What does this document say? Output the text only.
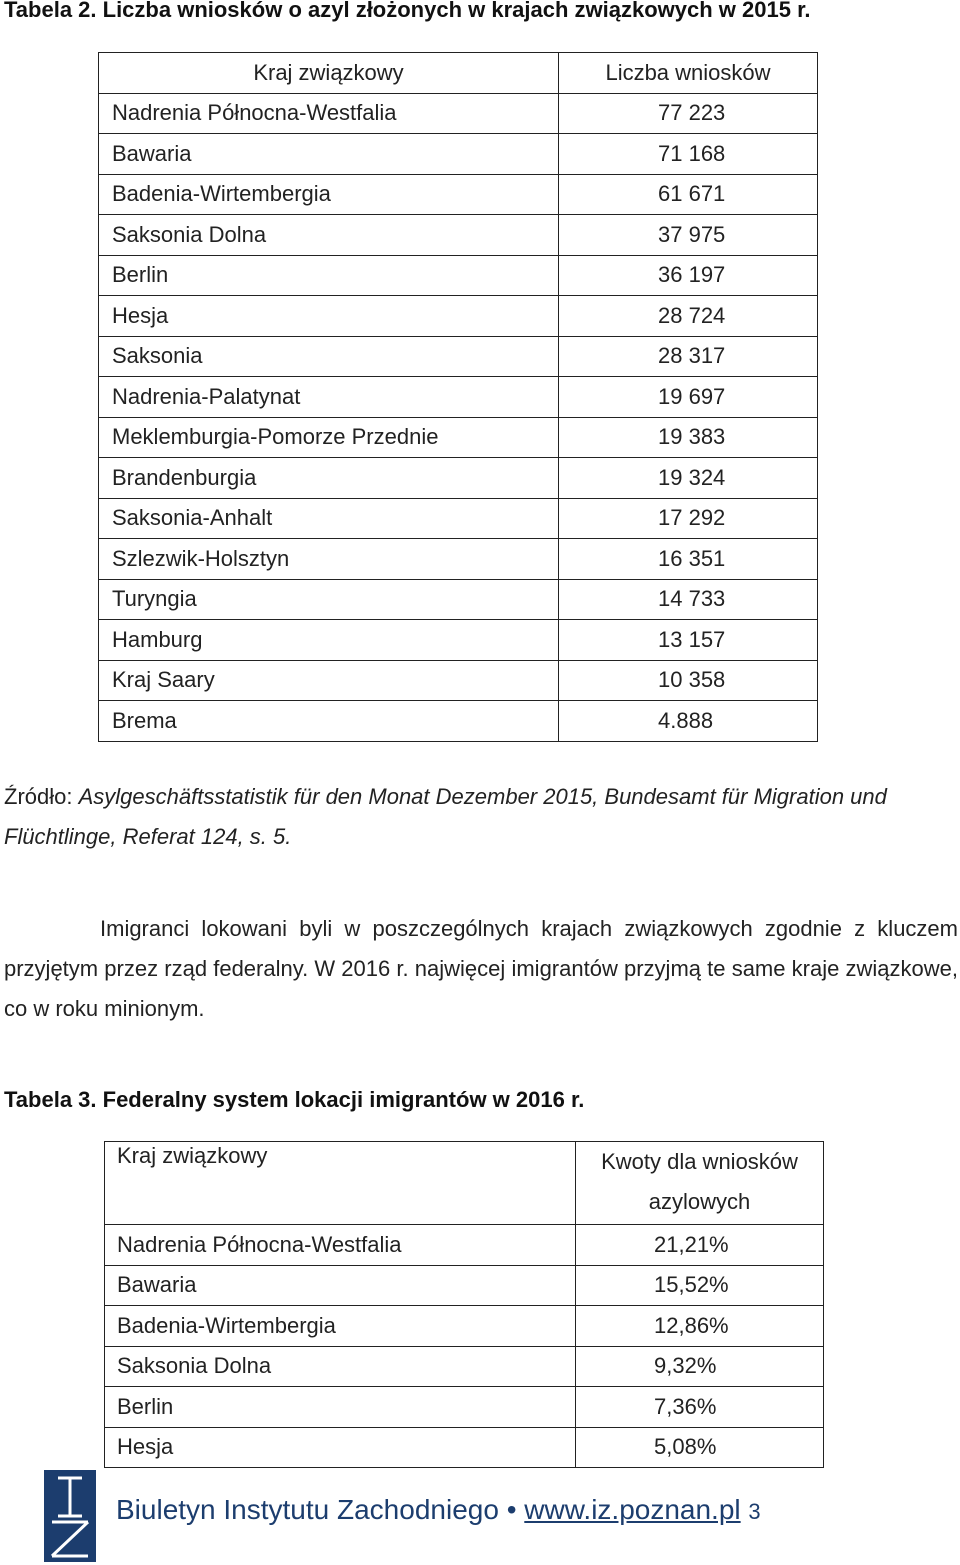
Tabela 2. Liczba wniosków o azyl złożonych w krajach związkowych w 2015 r.
Kraj związkowy	Liczba wniosków
Nadrenia Północna-Westfalia	77 223
Bawaria	71 168
Badenia-Wirtembergia	61 671
Saksonia Dolna	37 975
Berlin	36 197
Hesja	28 724
Saksonia	28 317
Nadrenia-Palatynat	19 697
Meklemburgia-Pomorze Przednie	19 383
Brandenburgia	19 324
Saksonia-Anhalt	17 292
Szlezwik-Holsztyn	16 351
Turyngia	14 733
Hamburg	13 157
Kraj Saary	10 358
Brema	4.888
Źródło: Asylgeschäftsstatistik für den Monat Dezember 2015, Bundesamt für Migration und Flüchtlinge, Referat 124, s. 5.
Imigranci lokowani byli w poszczególnych krajach związkowych zgodnie z kluczem przyjętym przez rząd federalny. W 2016 r. najwięcej imigrantów przyjmą te same kraje związkowe, co w roku minionym.
Tabela 3. Federalny system lokacji imigrantów w 2016 r.
Kraj związkowy	Kwoty dla wniosków azylowych
Nadrenia Północna-Westfalia	21,21%
Bawaria	15,52%
Badenia-Wirtembergia	12,86%
Saksonia Dolna	9,32%
Berlin	7,36%
Hesja	5,08%
Biuletyn Instytutu Zachodniego • www.iz.poznan.pl 3
